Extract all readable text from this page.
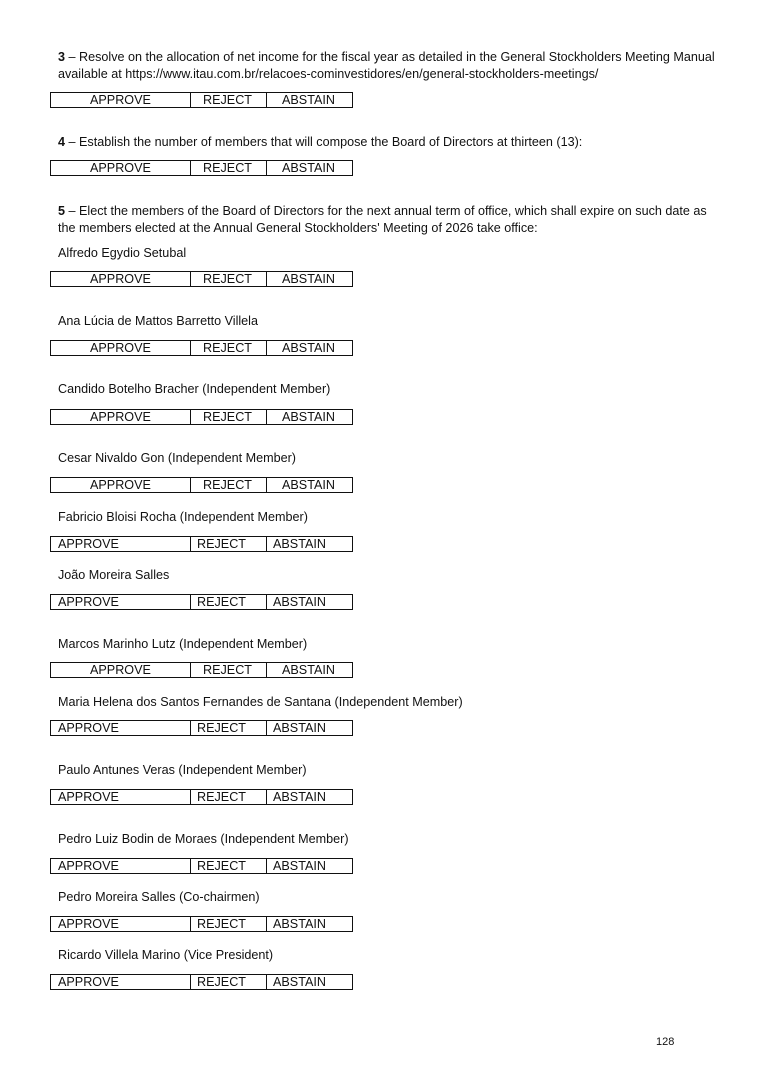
3 – Resolve on the allocation of net income for the fiscal year as detailed in the General Stockholders Meeting Manual available at https://www.itau.com.br/relacoes-cominvestidores/en/general-stockholders-meetings/
APPROVE	REJECT	ABSTAIN
4 – Establish the number of members that will compose the Board of Directors at thirteen (13):
APPROVE	REJECT	ABSTAIN
5 – Elect the members of the Board of Directors for the next annual term of office, which shall expire on such date as the members elected at the Annual General Stockholders' Meeting of 2026 take office:
Alfredo Egydio Setubal
APPROVE	REJECT	ABSTAIN
Ana Lúcia de Mattos Barretto Villela
APPROVE	REJECT	ABSTAIN
Candido Botelho Bracher (Independent Member)
APPROVE	REJECT	ABSTAIN
Cesar Nivaldo Gon (Independent Member)
APPROVE	REJECT	ABSTAIN
Fabricio Bloisi Rocha (Independent Member)
APPROVE	REJECT	ABSTAIN
João Moreira Salles
APPROVE	REJECT	ABSTAIN
Marcos Marinho Lutz (Independent Member)
APPROVE	REJECT	ABSTAIN
Maria Helena dos Santos Fernandes de Santana (Independent Member)
APPROVE	REJECT	ABSTAIN
Paulo Antunes Veras (Independent Member)
APPROVE	REJECT	ABSTAIN
Pedro Luiz Bodin de Moraes (Independent Member)
APPROVE	REJECT	ABSTAIN
Pedro Moreira Salles (Co-chairmen)
APPROVE	REJECT	ABSTAIN
Ricardo Villela Marino (Vice President)
APPROVE	REJECT	ABSTAIN
128
